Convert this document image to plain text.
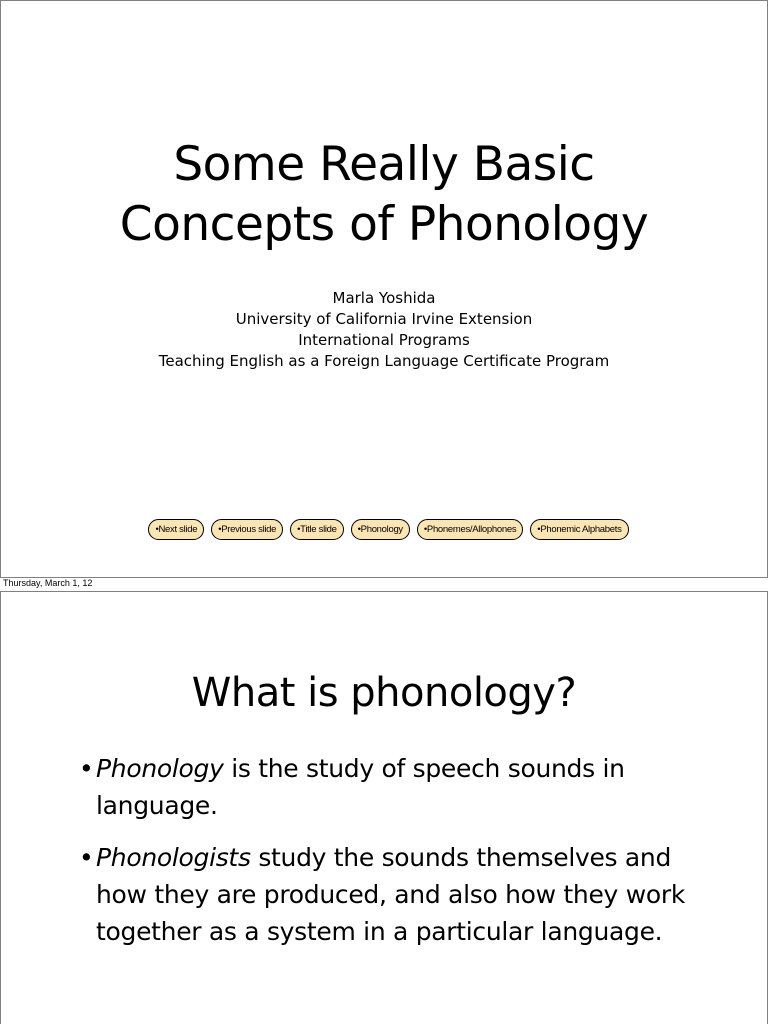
Some Really Basic
Concepts of Phonology
Marla Yoshida
University of California Irvine Extension
International Programs
Teaching English as a Foreign Language Certificate Program
•Next slide	•Previous slide	•Title slide	•Phonology	•Phonemes/Allophones	•Phonemic Alphabets
Thursday, March 1, 12
What is phonology?
• Phonology is the study of speech sounds in language.
• Phonologists study the sounds themselves and how they are produced, and also how they work together as a system in a particular language.
